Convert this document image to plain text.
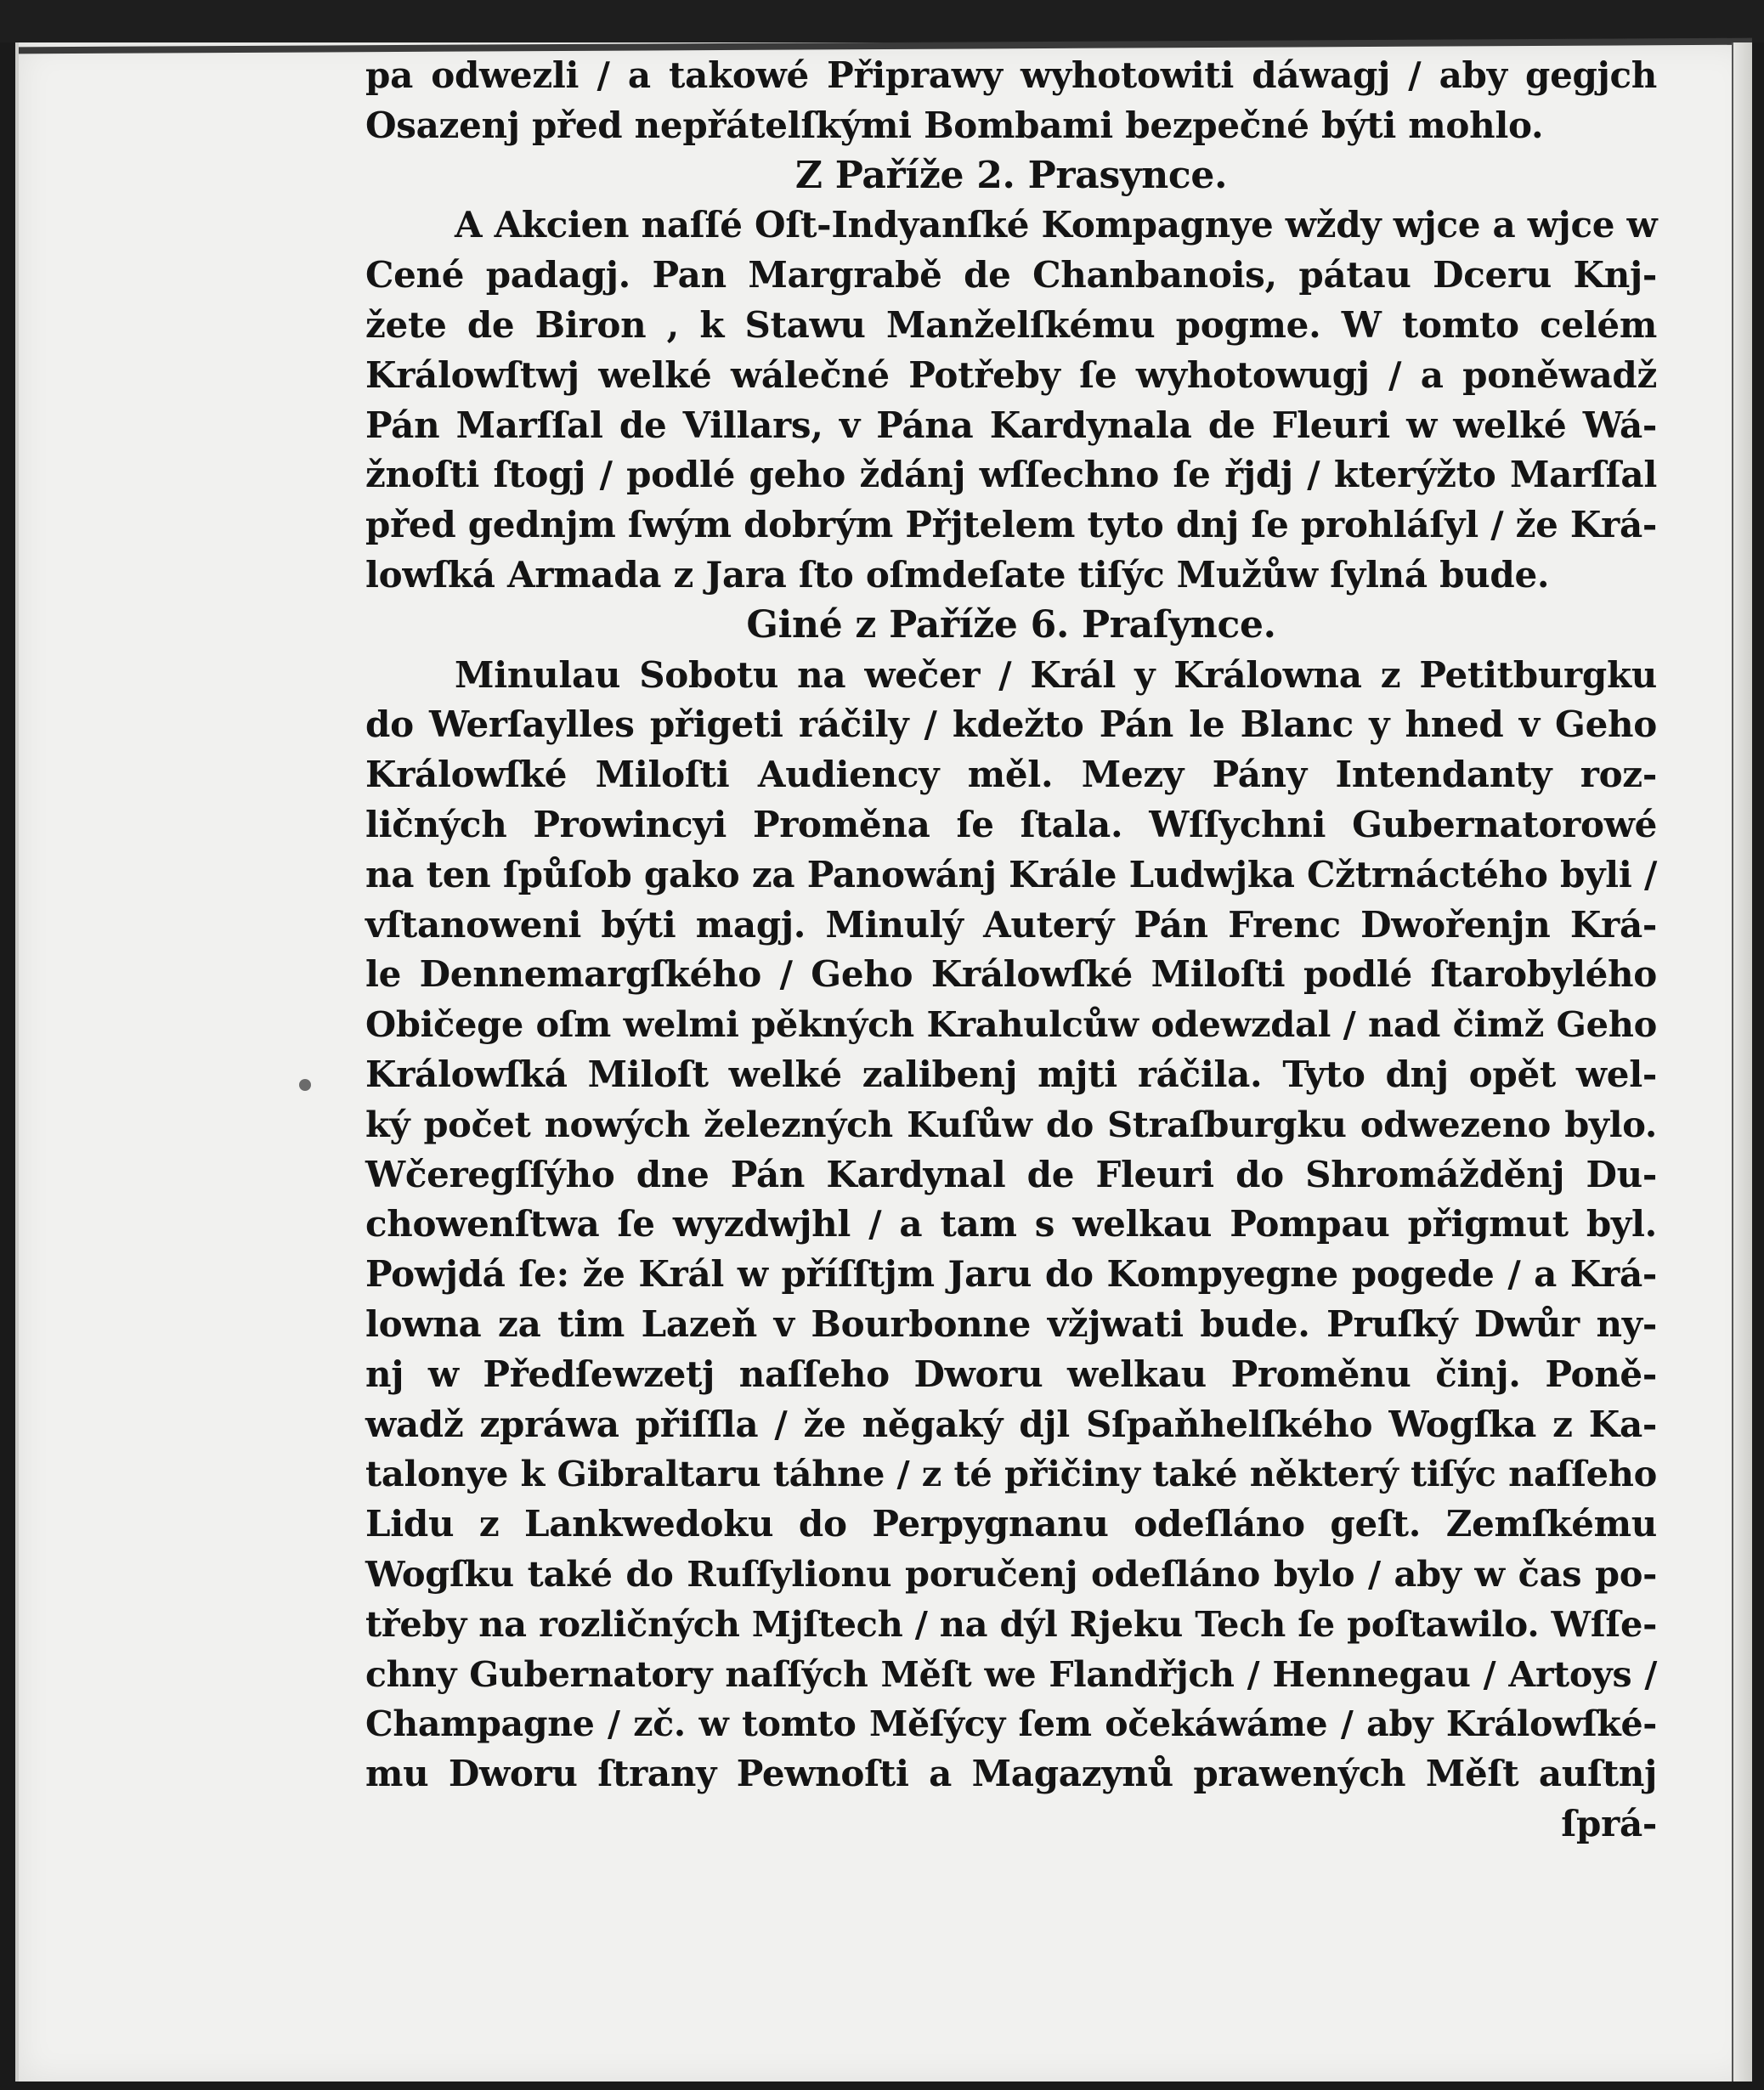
pa odwezli / a takowé Připrawy wyhotowiti dáwagj / aby gegjch
Osazenj před nepřátelſkými Bombami bezpečné býti mohlo.
Z Paříže 2. Prasynce.
A Akcien naſſé Oſt-Indyanſké Kompagnye wždy wjce a wjce w
Cené padagj. Pan Margrabě de Chanbanois, pátau Dceru Knj-
žete de Biron , k Stawu Manželſkému pogme. W tomto celém
Králowſtwj welké wálečné Potřeby ſe wyhotowugj / a poněwadž
Pán Marſſal de Villars, v Pána Kardynala de Fleuri w welké Wá-
žnoſti ſtogj / podlé geho ždánj wſſechno ſe řjdj / kterýžto Marſſal
před gednjm ſwým dobrým Přjtelem tyto dnj ſe prohláſyl / že Krá-
lowſká Armada z Jara ſto oſmdeſate tiſýc Mužůw ſylná bude.
Giné z Paříže 6. Praſynce.
Minulau Sobotu na wečer / Král y Králowna z Petitburgku
do Werſaylles přigeti ráčily / kdežto Pán le Blanc y hned v Geho
Králowſké Miloſti Audiency měl. Mezy Pány Intendanty roz-
ličných Prowincyi Proměna ſe ſtala. Wſſychni Gubernatorowé
na ten ſpůſob gako za Panowánj Krále Ludwjka Cžtrnáctého byli /
vſtanoweni býti magj. Minulý Auterý Pán Frenc Dwořenjn Krá-
le Dennemargſkého / Geho Králowſké Miloſti podlé ſtarobylého
Običege oſm welmi pěkných Krahulcůw odewzdal / nad čimž Geho
Králowſká Miloſt welké zalibenj mjti ráčila. Tyto dnj opět wel-
ký počet nowých železných Kuſůw do Straſburgku odwezeno bylo.
Wčeregſſýho dne Pán Kardynal de Fleuri do Shromážděnj Du-
chowenſtwa ſe wyzdwjhl / a tam s welkau Pompau přigmut byl.
Powjdá ſe: že Král w příſſtjm Jaru do Kompyegne pogede / a Krá-
lowna za tim Lazeň v Bourbonne vžjwati bude. Pruſký Dwůr ny-
nj w Předſewzetj naſſeho Dworu welkau Proměnu činj. Poně-
wadž zpráwa přiſſla / že něgaký djl Sſpaňhelſkého Wogſka z Ka-
talonye k Gibraltaru táhne / z té přičiny také některý tiſýc naſſeho
Lidu z Lankwedoku do Perpygnanu odeſláno geſt. Zemſkému
Wogſku také do Ruſſylionu poručenj odeſláno bylo / aby w čas po-
třeby na rozličných Mjſtech / na dýl Rjeku Tech ſe poſtawilo. Wſſe-
chny Gubernatory naſſých Měſt we Flandřjch / Hennegau / Artoys /
Champagne / zč. w tomto Měſýcy ſem očekáwáme / aby Králowſké-
mu Dworu ſtrany Pewnoſti a Magazynů prawených Měſt auſtnj
ſprá-
